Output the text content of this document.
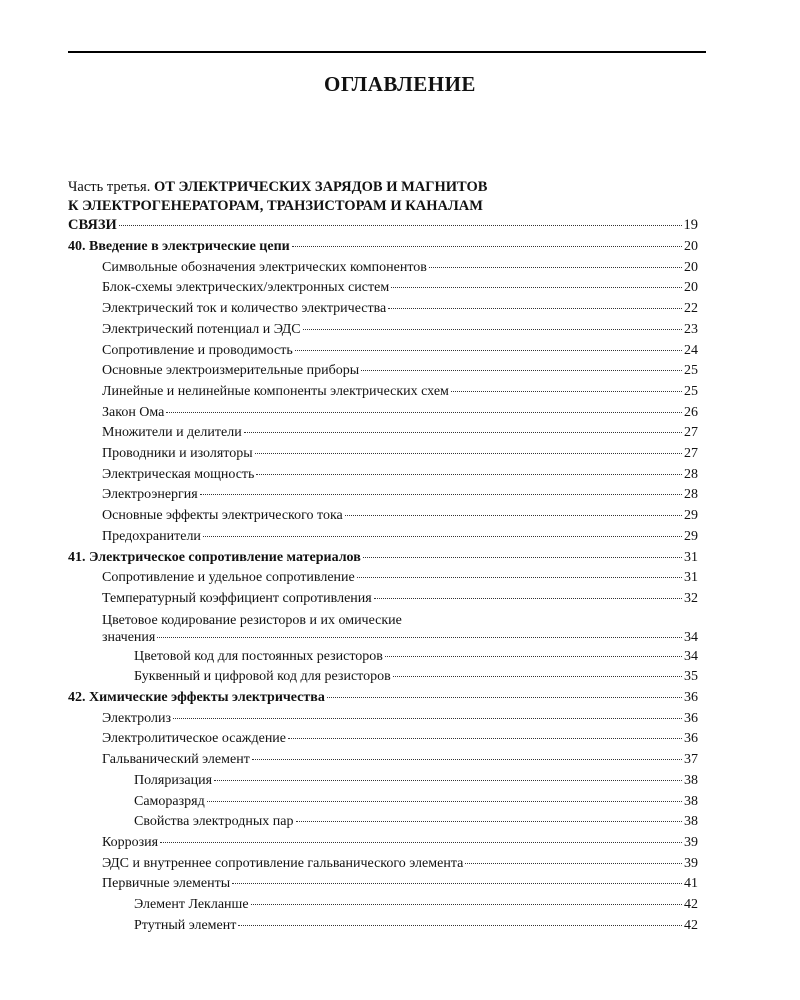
ОГЛАВЛЕНИЕ
Часть третья. ОТ ЭЛЕКТРИЧЕСКИХ ЗАРЯДОВ И МАГНИТОВ
К ЭЛЕКТРОГЕНЕРАТОРАМ, ТРАНЗИСТОРАМ И КАНАЛАМ
СВЯЗИ	19
40. Введение в электрические цепи	20
Символьные обозначения электрических компонентов	20
Блок-схемы электрических/электронных систем	20
Электрический ток и количество электричества	22
Электрический потенциал и ЭДС	23
Сопротивление и проводимость	24
Основные электроизмерительные приборы	25
Линейные и нелинейные компоненты электрических схем	25
Закон Ома	26
Множители и делители	27
Проводники и изоляторы	27
Электрическая мощность	28
Электроэнергия	28
Основные эффекты электрического тока	29
Предохранители	29
41. Электрическое сопротивление материалов	31
Сопротивление и удельное сопротивление	31
Температурный коэффициент сопротивления	32
Цветовое кодирование резисторов и их омические
значения	34
Цветовой код для постоянных резисторов	34
Буквенный и цифровой код для резисторов	35
42. Химические эффекты электричества	36
Электролиз	36
Электролитическое осаждение	36
Гальванический элемент	37
Поляризация	38
Саморазряд	38
Свойства электродных пар	38
Коррозия	39
ЭДС и внутреннее сопротивление гальванического элемента	39
Первичные элементы	41
Элемент Лекланше	42
Ртутный элемент	42
